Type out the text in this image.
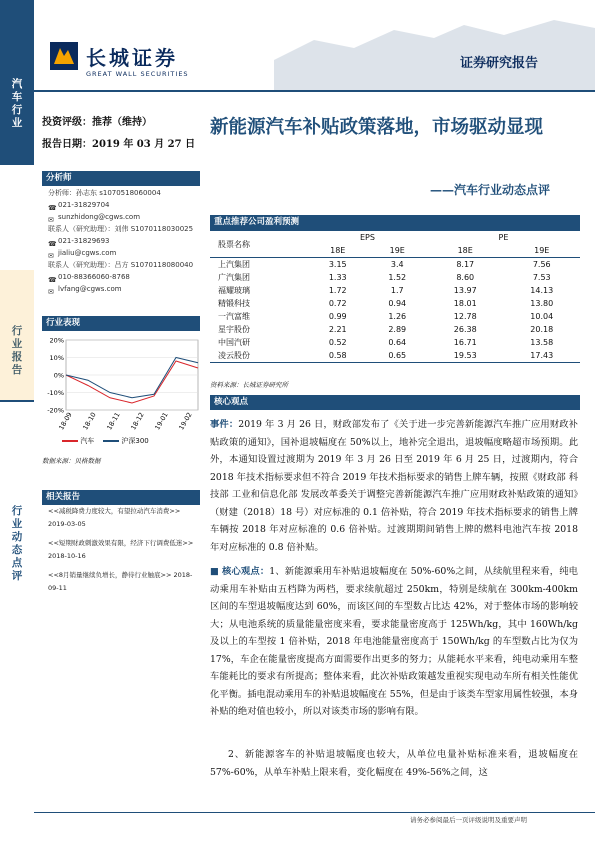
汽
车
行
业
行
业
报
告
行
业
动
态
点
评
长城证券
GREAT WALL SECURITIES
证券研究报告
投资评级：推荐（维持）
报告日期：2019 年 03 月 27 日
分析师
分析师：孙志东 s1070518060004
☎021-31829704
✉ sunzhidong@cgws.com
联系人（研究助理）：刘伟 S1070118030025
☎021-31829693
✉ jialiu@cgws.com
联系人（研究助理）：吕方 S1070118080040
☎010-88366060-8768
✉ lvfang@cgws.com
行业表现
20%
10%
0%
-10%
-20%
18-09 18-10 18-11 18-12 19-01 19-02
汽车	沪深300
数据来源：贝格数据
相关报告
<<减税降费力度较大，有望拉动汽车消费>> 2019-03-05
<<短期财政刺激效果有限，经济下行调费低迷>> 2018-10-16
<<8月销量继续负增长，静待行业触底>> 2018-09-11
新能源汽车补贴政策落地，市场驱动显现
——汽车行业动态点评
重点推荐公司盈利预测
股票名称	EPS		PE	
	18E	19E	18E	19E
上汽集团	3.15	3.4	8.17	7.56
广汽集团	1.33	1.52	8.60	7.53
福耀玻璃	1.72	1.7	13.97	14.13
精锻科技	0.72	0.94	18.01	13.80
一汽富维	0.99	1.26	12.78	10.04
星宇股份	2.21	2.89	26.38	20.18
中国汽研	0.52	0.64	16.71	13.58
凌云股份	0.58	0.65	19.53	17.43
资料来源：长城证券研究所
核心观点
事件：2019 年 3 月 26 日，财政部发布了《关于进一步完善新能源汽车推广应用财政补贴政策的通知》，国补退坡幅度在 50%以上，地补完全退出，退坡幅度略超市场预期。此外，本通知设置过渡期为 2019 年 3 月 26 日至 2019 年 6 月 25 日，过渡期内，符合 2018 年技术指标要求但不符合 2019 年技术指标要求的销售上牌车辆，按照《财政部 科技部 工业和信息化部 发展改革委关于调整完善新能源汽车推广应用财政补贴政策的通知》（财建（2018）18 号）对应标准的 0.1 倍补贴，符合 2019 年技术指标要求的销售上牌车辆按 2018 年对应标准的 0.6 倍补贴。过渡期期间销售上牌的燃料电池汽车按 2018 年对应标准的 0.8 倍补贴。
■ 核心观点：1、新能源乘用车补贴退坡幅度在 50%-60%之间，从续航里程来看，纯电动乘用车补贴由五档降为两档，要求续航超过 250km，特别是续航在 300km-400km 区间的车型退坡幅度达到 60%，而该区间的车型数占比达 42%，对于整体市场的影响较大；从电池系统的质量能量密度来看，要求能量密度高于 125Wh/kg，其中 160Wh/kg 及以上的车型按 1 倍补贴，2018 年电池能量密度高于 150Wh/kg 的车型数占比为仅为 17%，车企在能量密度提高方面需要作出更多的努力；从能耗水平来看，纯电动乘用车整车能耗比的要求有所提高；整体来看，此次补贴政策越发重视实现电动车所有相关性能优化平衡。插电混动乘用车的补贴退坡幅度在 55%，但是由于该类车型家用属性较强，本身补贴的绝对值也较小，所以对该类市场的影响有限。
2、新能源客车的补贴退坡幅度也较大，从单位电量补贴标准来看，退坡幅度在 57%-60%，从单车补贴上限来看，变化幅度在 49%-56%之间，这
请务必参阅最后一页评级说明及重要声明
